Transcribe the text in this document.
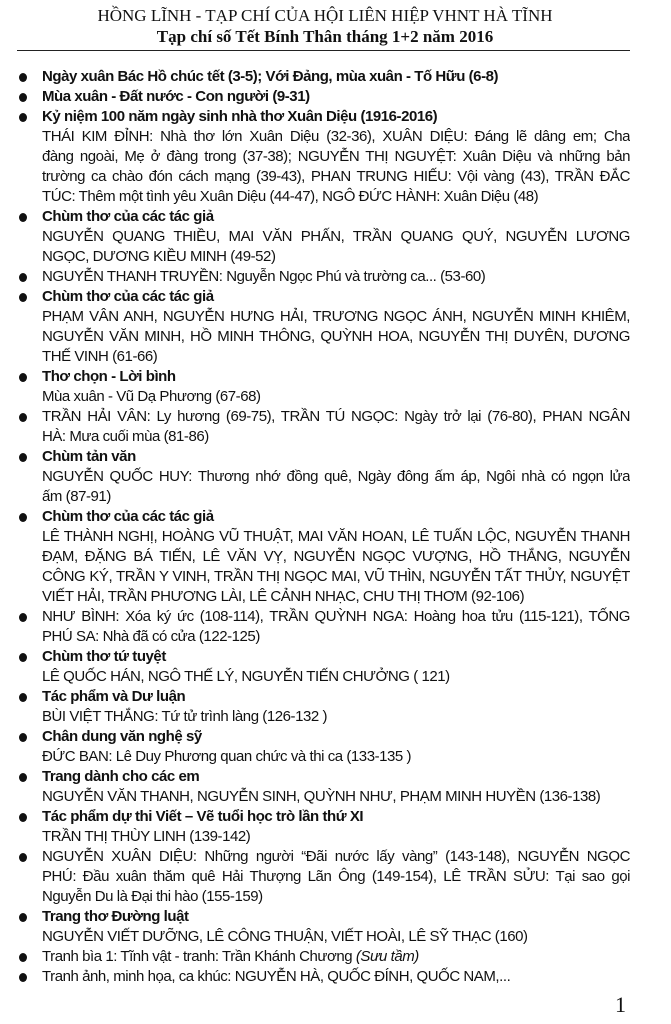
HỒNG LĨNH - TẠP CHÍ CỦA HỘI LIÊN HIỆP VHNT HÀ TĨNH
Tạp chí số Tết Bính Thân tháng 1+2 năm 2016
Ngày xuân Bác Hồ chúc tết (3-5); Với Đảng, mùa xuân - Tố Hữu (6-8)
Mùa xuân - Đất nước - Con người (9-31)
Kỷ niệm 100 năm ngày sinh nhà thơ Xuân Diệu (1916-2016)
THÁI KIM ĐỈNH: Nhà thơ lớn Xuân Diệu (32-36), XUÂN DIỆU: Đáng lẽ dâng em; Cha
đàng ngoài, Mẹ ở đàng trong (37-38); NGUYỄN THỊ NGUYỆT: Xuân Diệu và những bản
trường ca chào đón cách mạng (39-43), PHAN TRUNG HIẾU: Vội vàng (43), TRẦN ĐẮC
TÚC: Thêm một tình yêu Xuân Diệu (44-47), NGÔ ĐỨC HÀNH: Xuân Diệu (48)
Chùm thơ của các tác giả
NGUYỄN QUANG THIỀU, MAI VĂN PHẤN, TRẦN QUANG QUÝ, NGUYỄN LƯƠNG
NGỌC, DƯƠNG KIỀU MINH (49-52)
NGUYỄN THANH TRUYỀN: Nguyễn Ngọc Phú và trường ca... (53-60)
Chùm thơ của các tác giả
PHẠM VÂN ANH, NGUYỄN HƯNG HẢI, TRƯƠNG NGỌC ÁNH, NGUYỄN MINH KHIÊM,
NGUYỄN VĂN MINH, HỒ MINH THÔNG, QUỲNH HOA, NGUYỄN THỊ DUYÊN, DƯƠNG
THẾ VINH (61-66)
Thơ chọn - Lời bình
Mùa xuân - Vũ Dạ Phương (67-68)
TRẦN HẢI VÂN: Ly hương (69-75), TRẦN TÚ NGỌC: Ngày trở lại (76-80), PHAN NGÂN
HÀ: Mưa cuối mùa (81-86)
Chùm tản văn
NGUYỄN QUỐC HUY: Thương nhớ đồng quê, Ngày đông ấm áp, Ngôi nhà có ngọn lửa
ấm (87-91)
Chùm thơ của các tác giả
LÊ THÀNH NGHỊ, HOÀNG VŨ THUẬT, MAI VĂN HOAN, LÊ TUẤN LỘC, NGUYỄN THANH
ĐẠM, ĐẶNG BÁ TIẾN, LÊ VĂN VỴ, NGUYỄN NGỌC VƯỢNG, HỒ THẮNG, NGUYỄN
CÔNG KÝ, TRẦN Y VINH, TRẦN THỊ NGỌC MAI, VŨ THÌN, NGUYỄN TẤT THỦY, NGUYỆT
VIẾT HẢI, TRẦN PHƯƠNG LÀI, LÊ CẢNH NHẠC, CHU THỊ THƠM (92-106)
NHƯ BÌNH: Xóa ký ức (108-114), TRẦN QUỲNH NGA: Hoàng hoa tửu (115-121), TỐNG
PHÚ SA: Nhà đã có cửa (122-125)
Chùm thơ tứ tuyệt
LÊ QUỐC HÁN, NGÔ THẾ LÝ, NGUYỄN TIẾN CHƯỞNG ( 121)
Tác phẩm và Dư luận
BÙI VIỆT THẮNG: Tứ tử trình làng (126-132 )
Chân dung văn nghệ sỹ
ĐỨC BAN: Lê Duy Phương quan chức và thi ca (133-135 )
Trang dành cho các em
NGUYỄN VĂN THANH, NGUYỄN SINH, QUỲNH NHƯ, PHẠM MINH HUYỀN (136-138)
Tác phẩm dự thi Viết – Vẽ tuổi học trò lần thứ XI
TRẦN THỊ THÙY LINH (139-142)
NGUYỄN XUÂN DIỆU: Những người “Đãi nước lấy vàng” (143-148), NGUYỄN NGỌC
PHÚ: Đầu xuân thăm quê Hải Thượng Lãn Ông (149-154), LÊ TRẦN SỬU: Tại sao gọi
Nguyễn Du là Đại thi hào (155-159)
Trang thơ Đường luật
NGUYỄN VIẾT DƯỠNG, LÊ CÔNG THUẬN, VIẾT HOÀI, LÊ SỸ THẠC (160)
Tranh bìa 1: Tĩnh vật - tranh: Trần Khánh Chương (Sưu tầm)
Tranh ảnh, minh họa, ca khúc: NGUYỄN HÀ, QUỐC ĐÍNH, QUỐC NAM,...
1
